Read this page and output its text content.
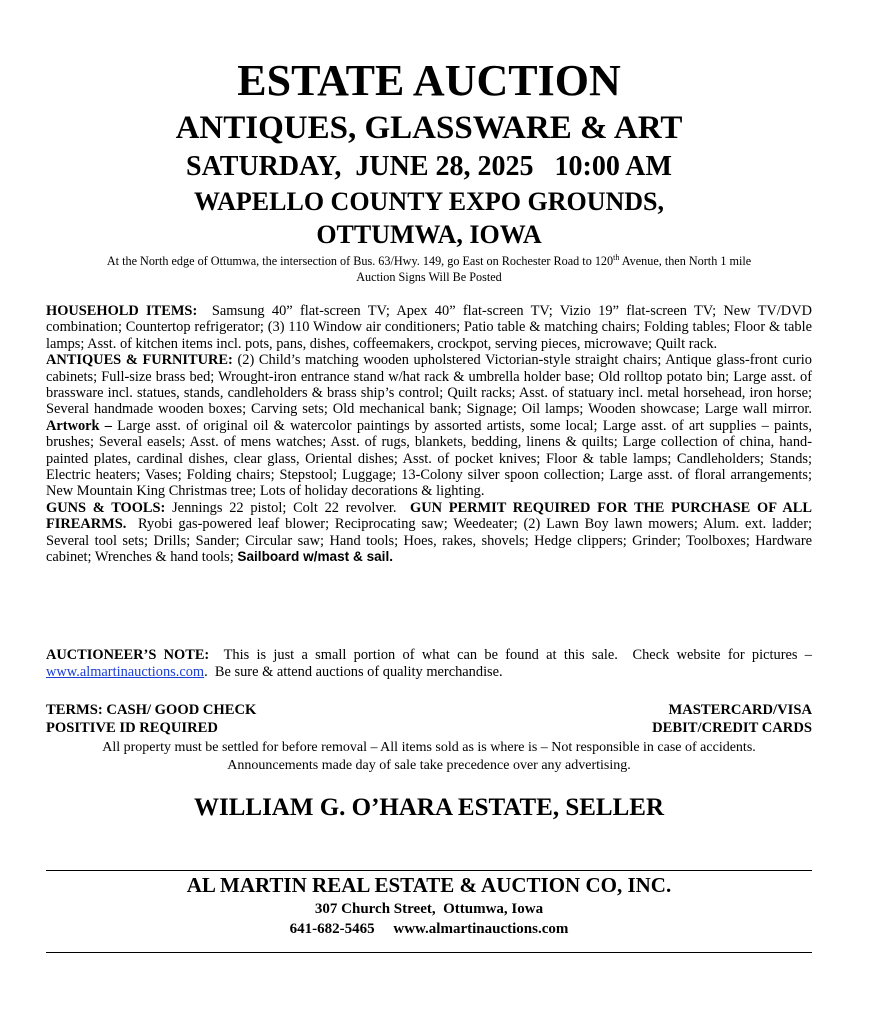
ESTATE AUCTION
ANTIQUES, GLASSWARE & ART
SATURDAY,  JUNE 28, 2025   10:00 AM
WAPELLO COUNTY EXPO GROUNDS,
OTTUMWA, IOWA
At the North edge of Ottumwa, the intersection of Bus. 63/Hwy. 149, go East on Rochester Road to 120th Avenue, then North 1 mile
Auction Signs Will Be Posted

HOUSEHOLD ITEMS:  Samsung 40” flat-screen TV; Apex 40” flat-screen TV; Vizio 19” flat-screen TV; New TV/DVD combination; Countertop refrigerator; (3) 110 Window air conditioners; Patio table & matching chairs; Folding tables; Floor & table lamps; Asst. of kitchen items incl. pots, pans, dishes, coffeemakers, crockpot, serving pieces, microwave; Quilt rack.

ANTIQUES & FURNITURE: (2) Child’s matching wooden upholstered Victorian-style straight chairs; Antique glass-front curio cabinets; Full-size brass bed; Wrought-iron entrance stand w/hat rack & umbrella holder base; Old rolltop potato bin; Large asst. of brassware incl. statues, stands, candleholders & brass ship’s control; Quilt racks; Asst. of statuary incl. metal horsehead, iron horse; Several handmade wooden boxes; Carving sets; Old mechanical bank; Signage; Oil lamps; Wooden showcase; Large wall mirror.  Artwork – Large asst. of original oil & watercolor paintings by assorted artists, some local; Large asst. of art supplies – paints, brushes; Several easels; Asst. of mens watches; Asst. of rugs, blankets, bedding, linens & quilts; Large collection of china, hand-painted plates, cardinal dishes, clear glass, Oriental dishes; Asst. of pocket knives; Floor & table lamps; Candleholders; Stands; Electric heaters; Vases; Folding chairs; Stepstool; Luggage; 13-Colony silver spoon collection; Large asst. of floral arrangements; New Mountain King Christmas tree; Lots of holiday decorations & lighting.

GUNS & TOOLS: Jennings 22 pistol; Colt 22 revolver.  GUN PERMIT REQUIRED FOR THE PURCHASE OF ALL FIREARMS.  Ryobi gas-powered leaf blower; Reciprocating saw; Weedeater; (2) Lawn Boy lawn mowers; Alum. ext. ladder;  Several tool sets; Drills; Sander; Circular saw; Hand tools; Hoes, rakes, shovels; Hedge clippers; Grinder; Toolboxes; Hardware cabinet; Wrenches & hand tools; Sailboard w/mast & sail.

AUCTIONEER’S NOTE:  This is just a small portion of what can be found at this sale.  Check website for pictures – www.almartinauctions.com.  Be sure & attend auctions of quality merchandise.
TERMS: CASH/ GOOD CHECK	MASTERCARD/VISA
POSITIVE ID REQUIRED	DEBIT/CREDIT CARDS
All property must be settled for before removal – All items sold as is where is – Not responsible in case of accidents.
Announcements made day of sale take precedence over any advertising.
WILLIAM G. O’HARA ESTATE, SELLER
AL MARTIN REAL ESTATE & AUCTION CO, INC.
307 Church Street,  Ottumwa, Iowa
641-682-5465 www.almartinauctions.com
